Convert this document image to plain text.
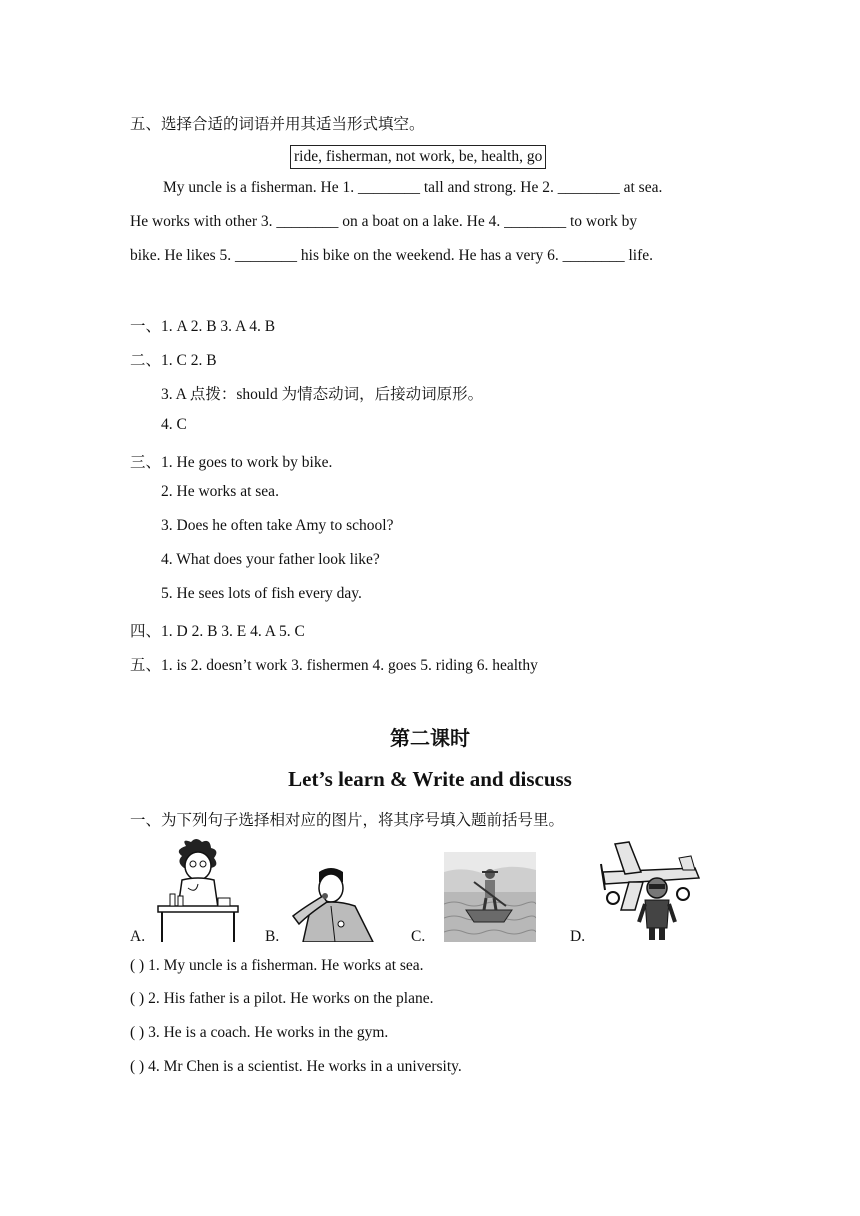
五、选择合适的词语并用其适当形式填空。
ride, fisherman, not work, be, health, go
My uncle is a fisherman. He 1. ________ tall and strong. He 2. ________ at sea.
He works with other 3. ________ on a boat on a lake. He 4. ________ to work by
bike. He likes 5. ________ his bike on the weekend. He has a very 6. ________ life.
一、1. A 2. B 3. A 4. B
二、1. C 2. B
3. A 点拨：should 为情态动词，后接动词原形。
4. C
三、1. He goes to work by bike.
2. He works at sea.
3. Does he often take Amy to school?
4. What does your father look like?
5. He sees lots of fish every day.
四、1. D 2. B 3. E 4. A 5. C
五、1. is 2. doesn’t work 3. fishermen 4. goes 5. riding 6. healthy
第二课时
Let’s learn & Write and discuss
一、为下列句子选择相对应的图片，将其序号填入题前括号里。
A.	B.	C.	D.
( ) 1. My uncle is a fisherman. He works at sea.
( ) 2. His father is a pilot. He works on the plane.
( ) 3. He is a coach. He works in the gym.
( ) 4. Mr Chen is a scientist. He works in a university.
